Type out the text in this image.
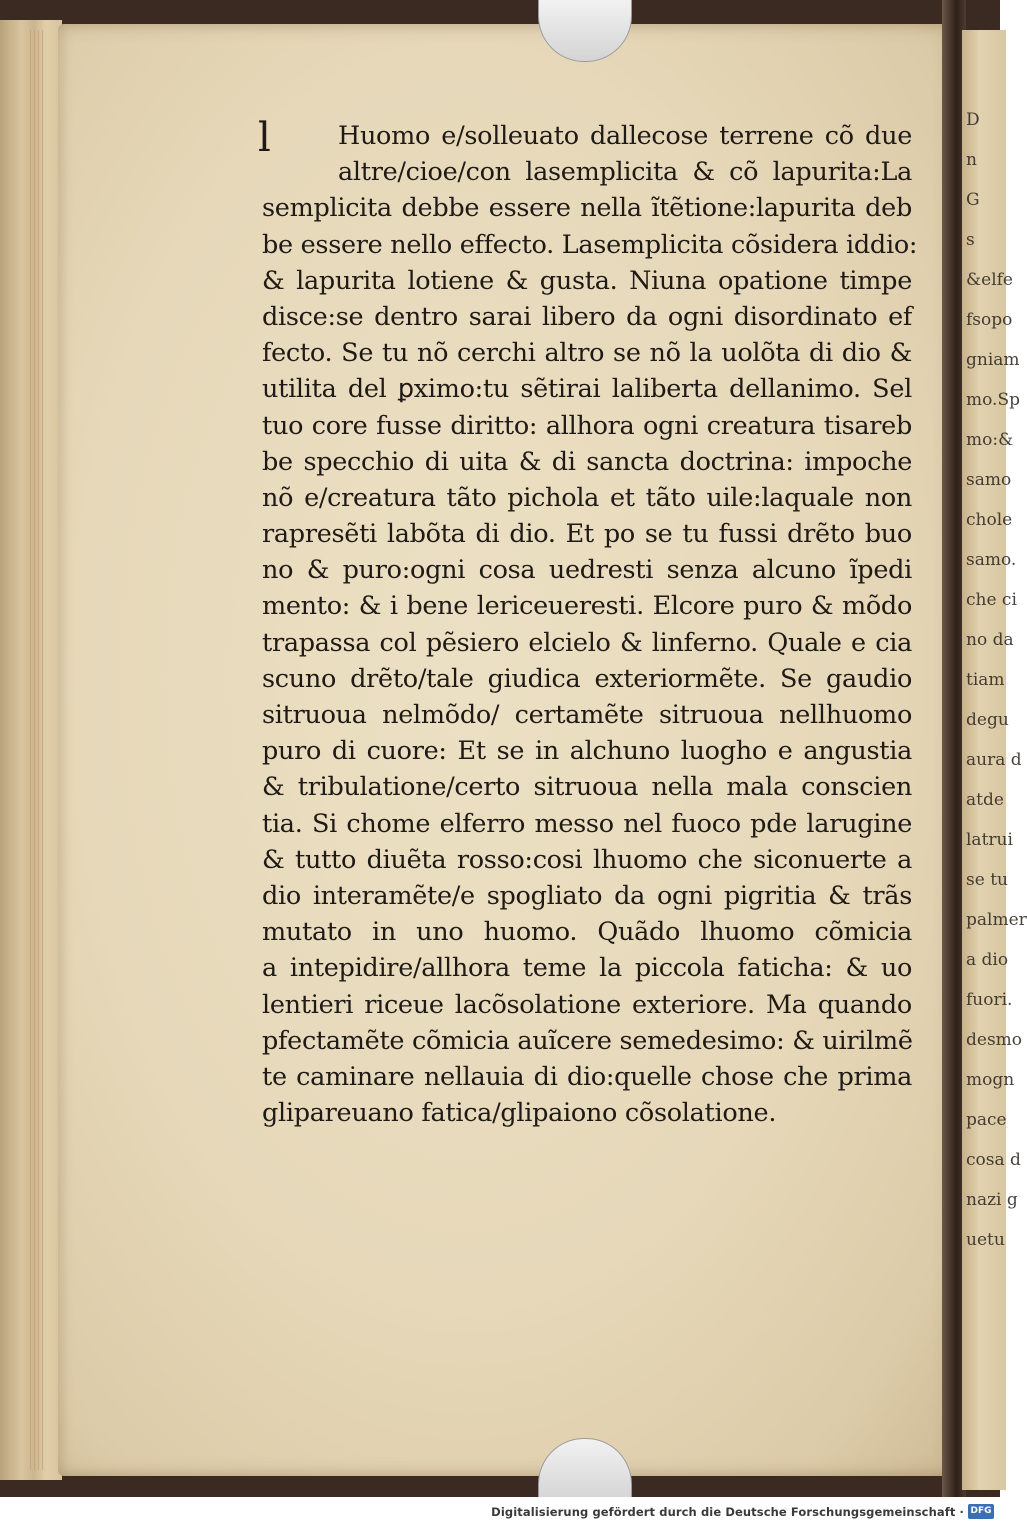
D
n
G
s
&elfe
fsopo
gniam
mo.Sp
mo:&
samo
chole
samo.
che ci
no da
tiam
degu
aura d
atde
latrui
se tu
palmer
a dio
fuori.
desmo
mogn
pace
cosa d
nazi g
uetu
l	Huomo e/solleuato dallecose terrene cõ due
altre/cioe/con lasemplicita & cõ lapurita:La
semplicita debbe essere nella ĩtẽtione:lapurita deb
be essere nello effecto. Lasemplicita cõsidera iddio:
& lapurita lotiene & gusta. Niuna opatione timpe
disce:se dentro sarai libero da ogni disordinato ef
fecto. Se tu nõ cerchi altro se nõ la uolõta di dio &
utilita del ꝑximo:tu sẽtirai laliberta dellanimo. Sel
tuo core fusse diritto: allhora ogni creatura tisareb
be specchio di uita & di sancta doctrina: impoche
nõ e/creatura tãto pichola et tãto uile:laquale non
rapresẽti labõta di dio. Et po se tu fussi drẽto buo
no & puro:ogni cosa uedresti senza alcuno ĩpedi
mento: & i bene lericeueresti. Elcore puro & mõdo
trapassa col pẽsiero elcielo & linferno. Quale e cia
scuno drẽto/tale giudica exteriormẽte. Se gaudio
sitruoua nelmõdo/ certamẽte sitruoua nellhuomo
puro di cuore: Et se in alchuno luogho e angustia
& tribulatione/certo sitruoua nella mala conscien
tia. Si chome elferro messo nel fuoco pde larugine
& tutto diuẽta rosso:cosi lhuomo che siconuerte a
dio interamẽte/e spogliato da ogni pigritia & trãs
mutato in uno huomo. Quãdo lhuomo cõmicia
a intepidire/allhora teme la piccola faticha: & uo
lentieri riceue lacõsolatione exteriore. Ma quando
pfectamẽte cõmicia auĩcere semedesimo: & uirilmẽ
te caminare nellauia di dio:quelle chose che prima
glipareuano fatica/glipaiono cõsolatione.
Digitalisierung gefördert durch die Deutsche Forschungsgemeinschaft · DFG
